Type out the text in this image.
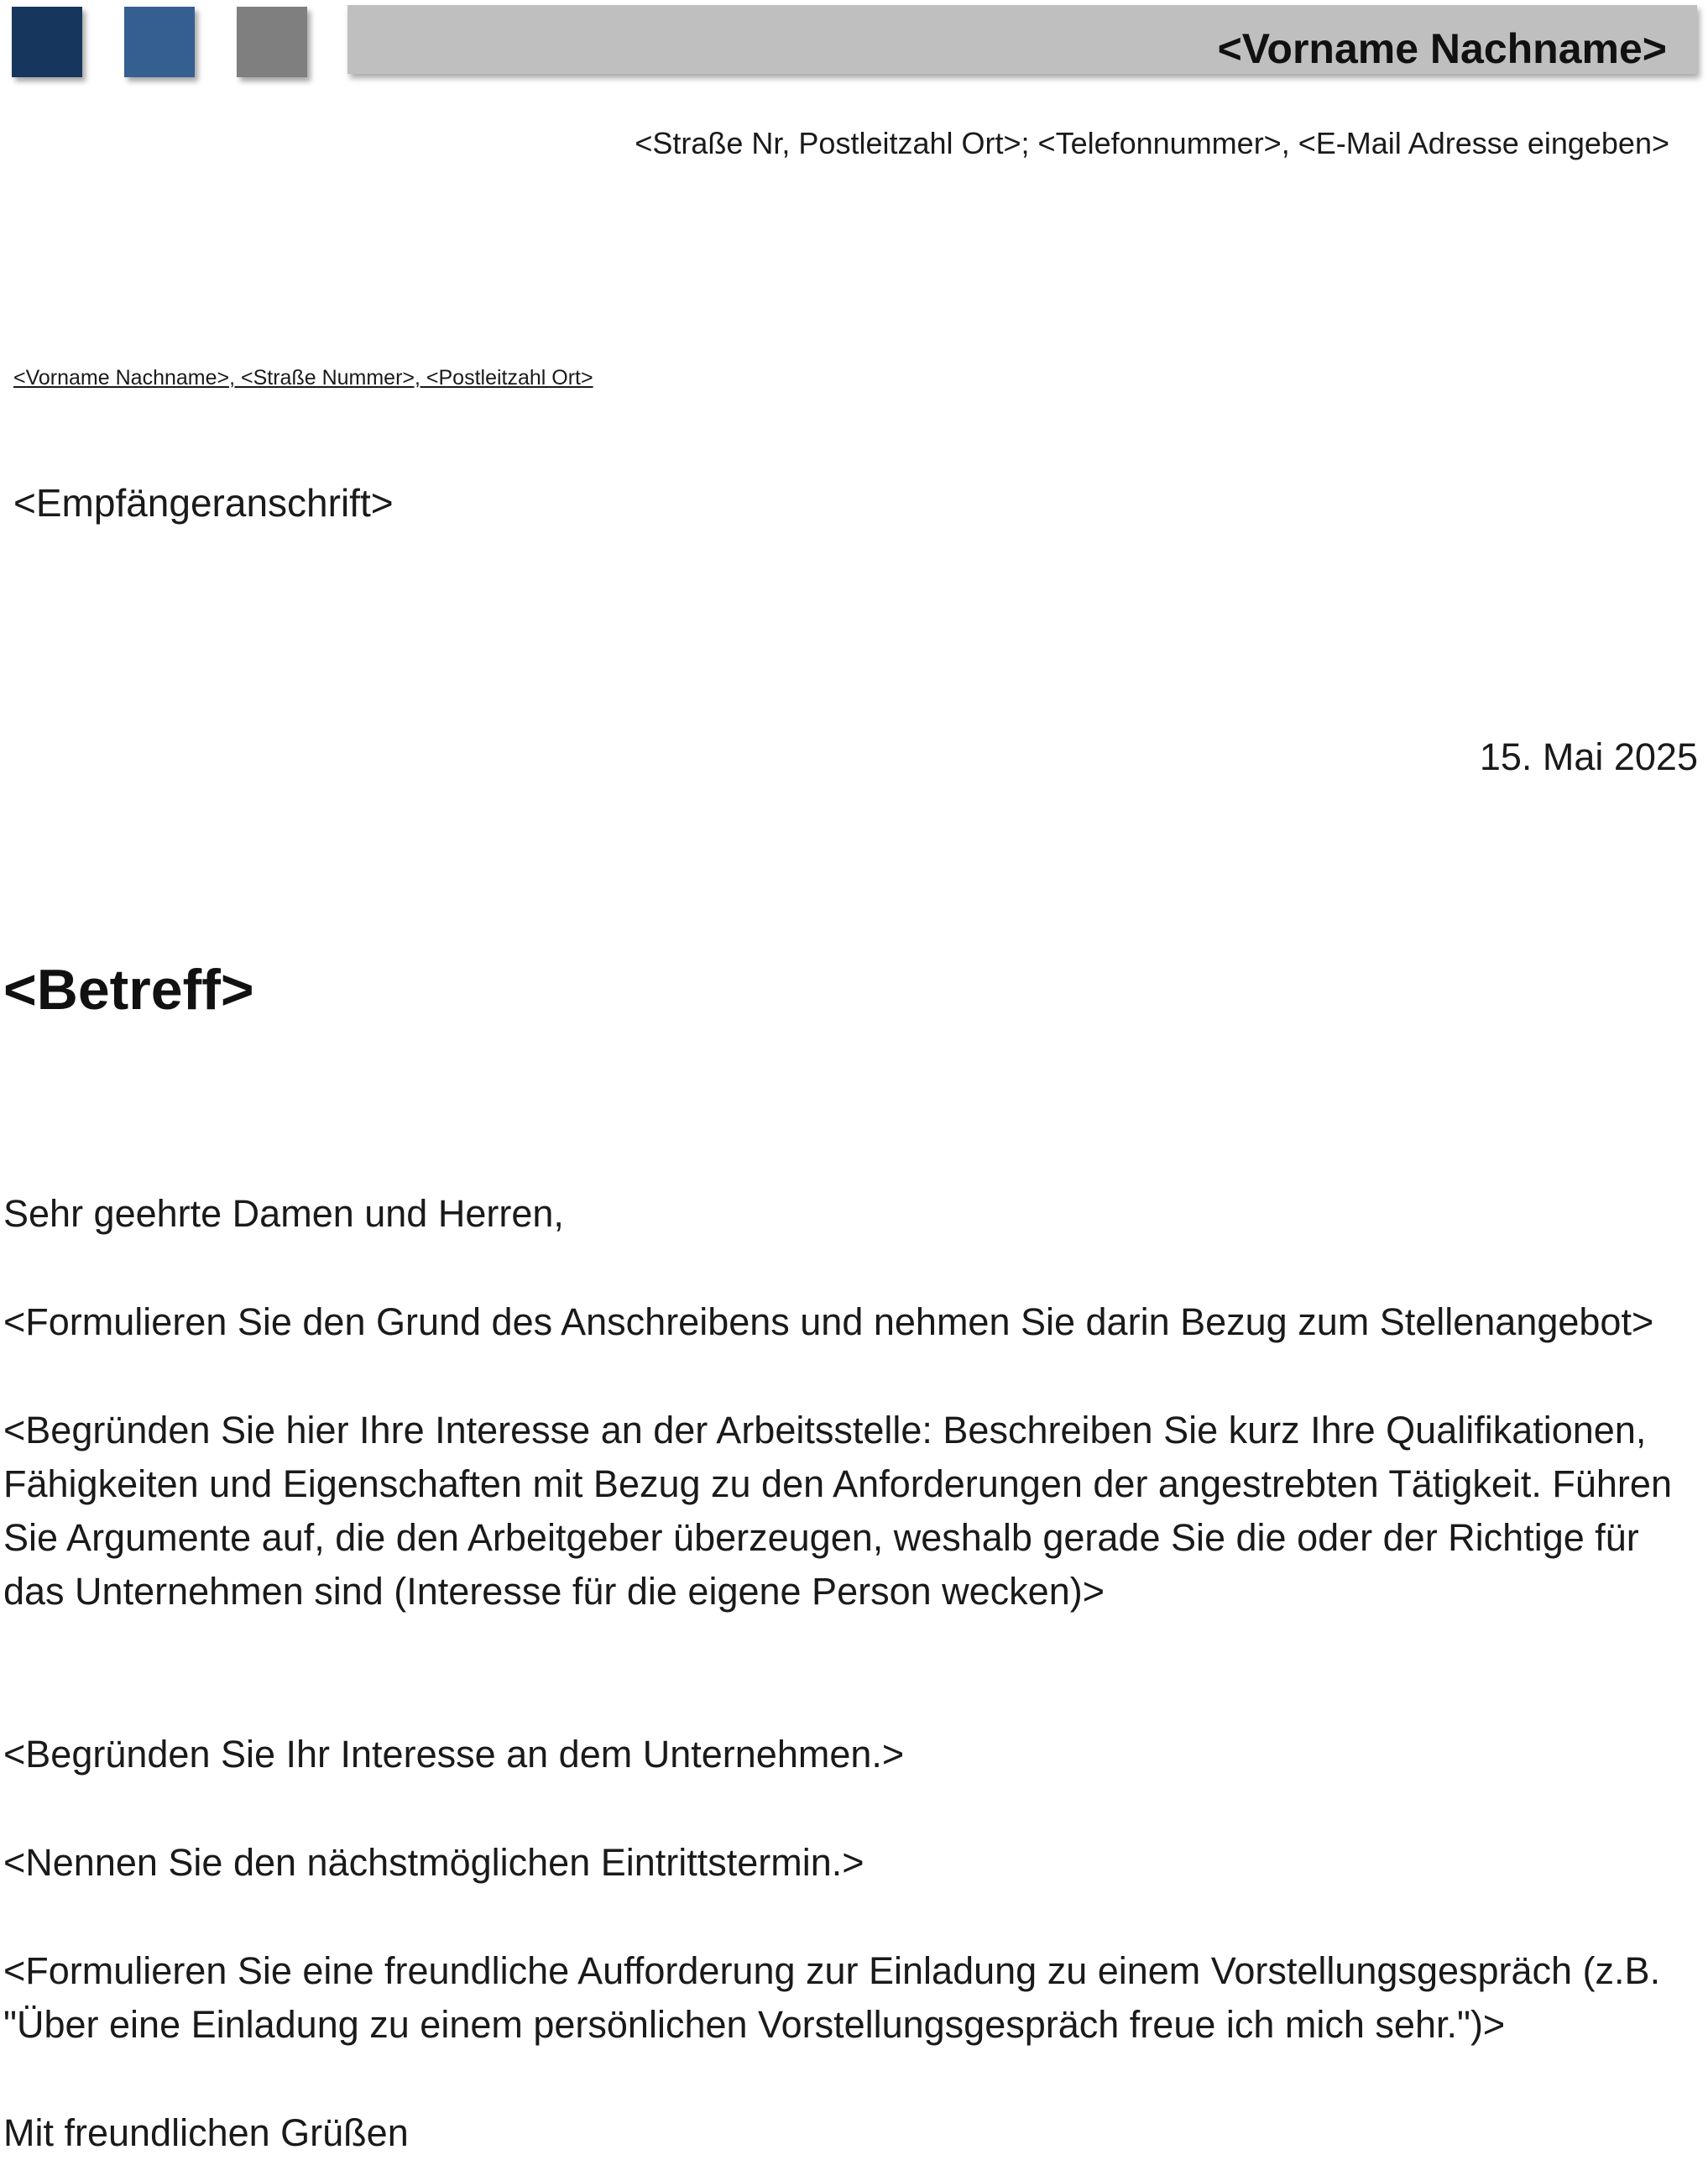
<Vorname Nachname>
<Straße Nr, Postleitzahl Ort>; <Telefonnummer>, <E-Mail Adresse eingeben>
<Vorname Nachname>, <Straße Nummer>, <Postleitzahl Ort>
<Empfängeranschrift>
15. Mai 2025
<Betreff>
Sehr geehrte Damen und Herren,
<Formulieren Sie den Grund des Anschreibens und nehmen Sie darin Bezug zum Stellenangebot>
<Begründen Sie hier Ihre Interesse an der Arbeitsstelle: Beschreiben Sie kurz Ihre Qualifikationen, Fähigkeiten und Eigenschaften mit Bezug zu den Anforderungen der angestrebten Tätigkeit. Führen Sie Argumente auf, die den Arbeitgeber überzeugen, weshalb gerade Sie die oder der Richtige für das Unternehmen sind (Interesse für die eigene Person wecken)>
<Begründen Sie Ihr Interesse an dem Unternehmen.>
<Nennen Sie den nächstmöglichen Eintrittstermin.>
<Formulieren Sie eine freundliche Aufforderung zur Einladung zu einem Vorstellungsgespräch (z.B. "Über eine Einladung zu einem persönlichen Vorstellungsgespräch freue ich mich sehr.")>
Mit freundlichen Grüßen
